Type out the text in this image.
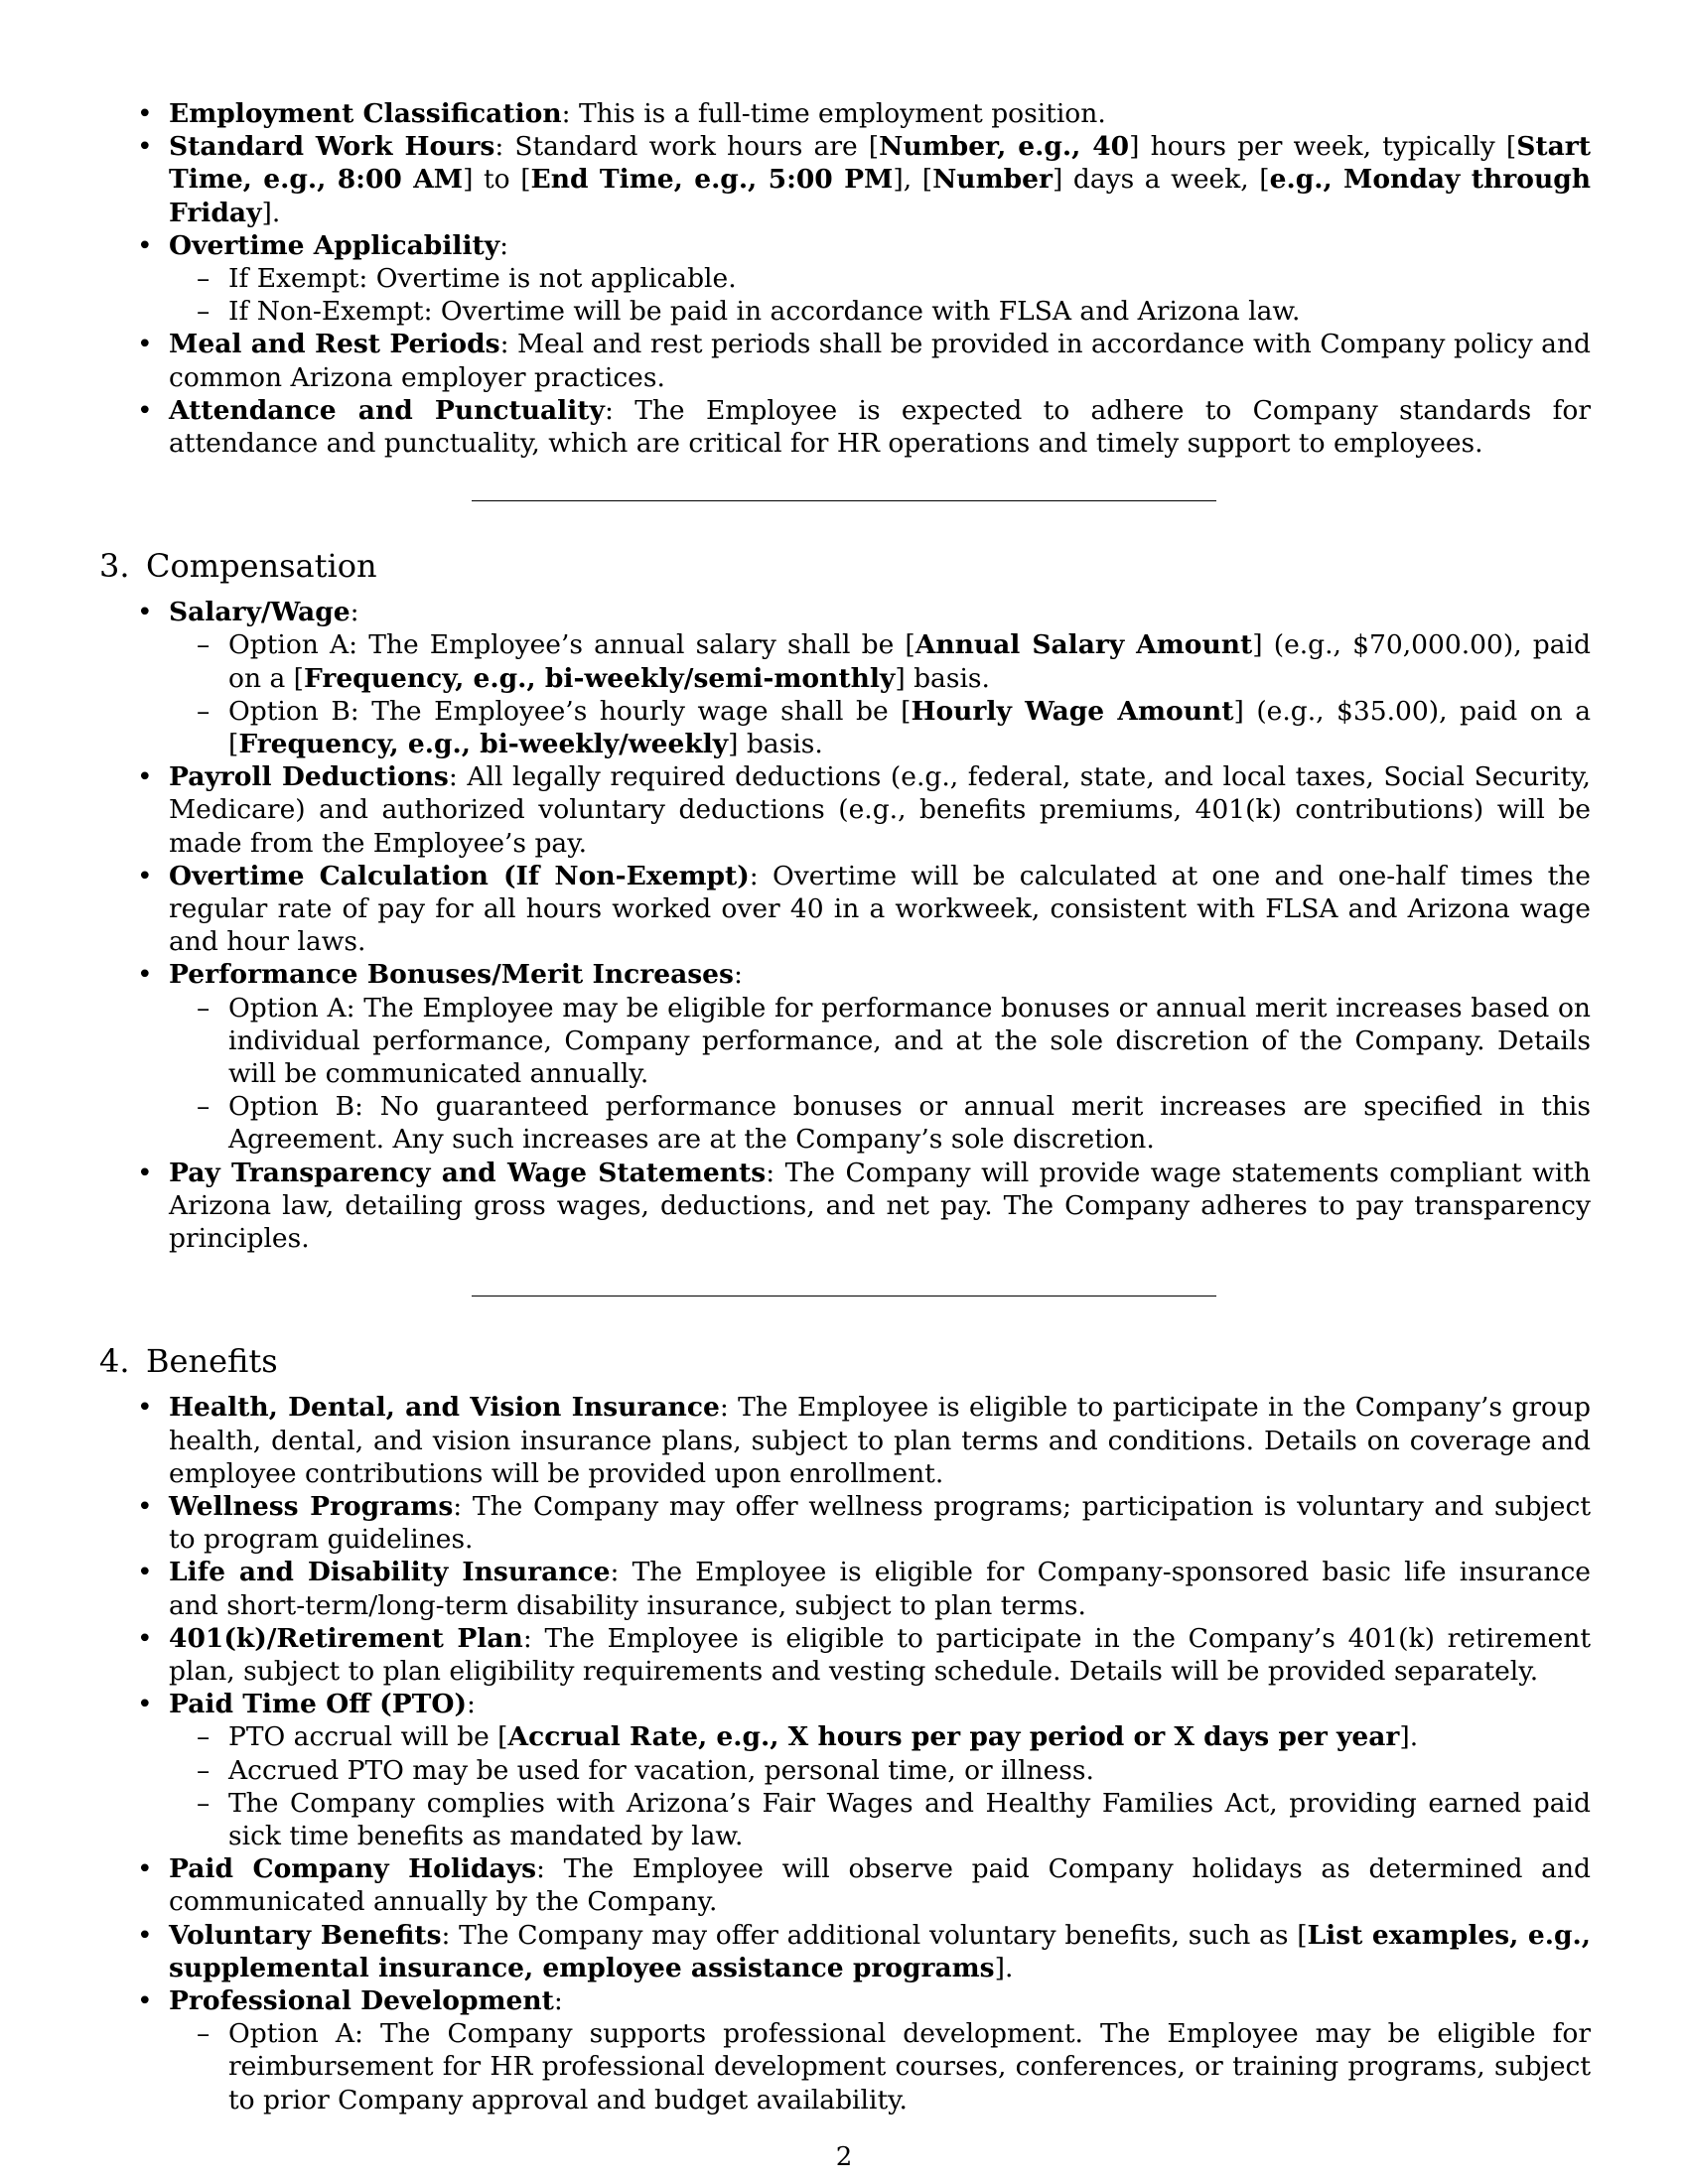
• Employment Classification: This is a full-time employment position.
• Standard Work Hours: Standard work hours are [Number, e.g., 40] hours per week, typically [Start Time, e.g., 8:00 AM] to [End Time, e.g., 5:00 PM], [Number] days a week, [e.g., Monday through Friday].
• Overtime Applicability:
– If Exempt: Overtime is not applicable.
– If Non-Exempt: Overtime will be paid in accordance with FLSA and Arizona law.
• Meal and Rest Periods: Meal and rest periods shall be provided in accordance with Company policy and common Arizona employer practices.
• Attendance and Punctuality: The Employee is expected to adhere to Company standards for attendance and punctuality, which are critical for HR operations and timely support to employees.
3. Compensation
• Salary/Wage:
– Option A: The Employee’s annual salary shall be [Annual Salary Amount] (e.g., $70,000.00), paid on a [Frequency, e.g., bi-weekly/semi-monthly] basis.
– Option B: The Employee’s hourly wage shall be [Hourly Wage Amount] (e.g., $35.00), paid on a [Frequency, e.g., bi-weekly/weekly] basis.
• Payroll Deductions: All legally required deductions (e.g., federal, state, and local taxes, Social Security, Medicare) and authorized voluntary deductions (e.g., benefits premiums, 401(k) contributions) will be made from the Employee’s pay.
• Overtime Calculation (If Non-Exempt): Overtime will be calculated at one and one-half times the regular rate of pay for all hours worked over 40 in a workweek, consistent with FLSA and Arizona wage and hour laws.
• Performance Bonuses/Merit Increases:
– Option A: The Employee may be eligible for performance bonuses or annual merit increases based on individual performance, Company performance, and at the sole discretion of the Company. Details will be communicated annually.
– Option B: No guaranteed performance bonuses or annual merit increases are specified in this Agreement. Any such increases are at the Company’s sole discretion.
• Pay Transparency and Wage Statements: The Company will provide wage statements compliant with Arizona law, detailing gross wages, deductions, and net pay. The Company adheres to pay transparency principles.
4. Benefits
• Health, Dental, and Vision Insurance: The Employee is eligible to participate in the Company’s group health, dental, and vision insurance plans, subject to plan terms and conditions. Details on coverage and employee contributions will be provided upon enrollment.
• Wellness Programs: The Company may offer wellness programs; participation is voluntary and subject to program guidelines.
• Life and Disability Insurance: The Employee is eligible for Company-sponsored basic life insurance and short-term/long-term disability insurance, subject to plan terms.
• 401(k)/Retirement Plan: The Employee is eligible to participate in the Company’s 401(k) retirement plan, subject to plan eligibility requirements and vesting schedule. Details will be provided separately.
• Paid Time Off (PTO):
– PTO accrual will be [Accrual Rate, e.g., X hours per pay period or X days per year].
– Accrued PTO may be used for vacation, personal time, or illness.
– The Company complies with Arizona’s Fair Wages and Healthy Families Act, providing earned paid sick time benefits as mandated by law.
• Paid Company Holidays: The Employee will observe paid Company holidays as determined and communicated annually by the Company.
• Voluntary Benefits: The Company may offer additional voluntary benefits, such as [List examples, e.g., supplemental insurance, employee assistance programs].
• Professional Development:
– Option A: The Company supports professional development. The Employee may be eligible for reimbursement for HR professional development courses, conferences, or training programs, subject to prior Company approval and budget availability.
2
